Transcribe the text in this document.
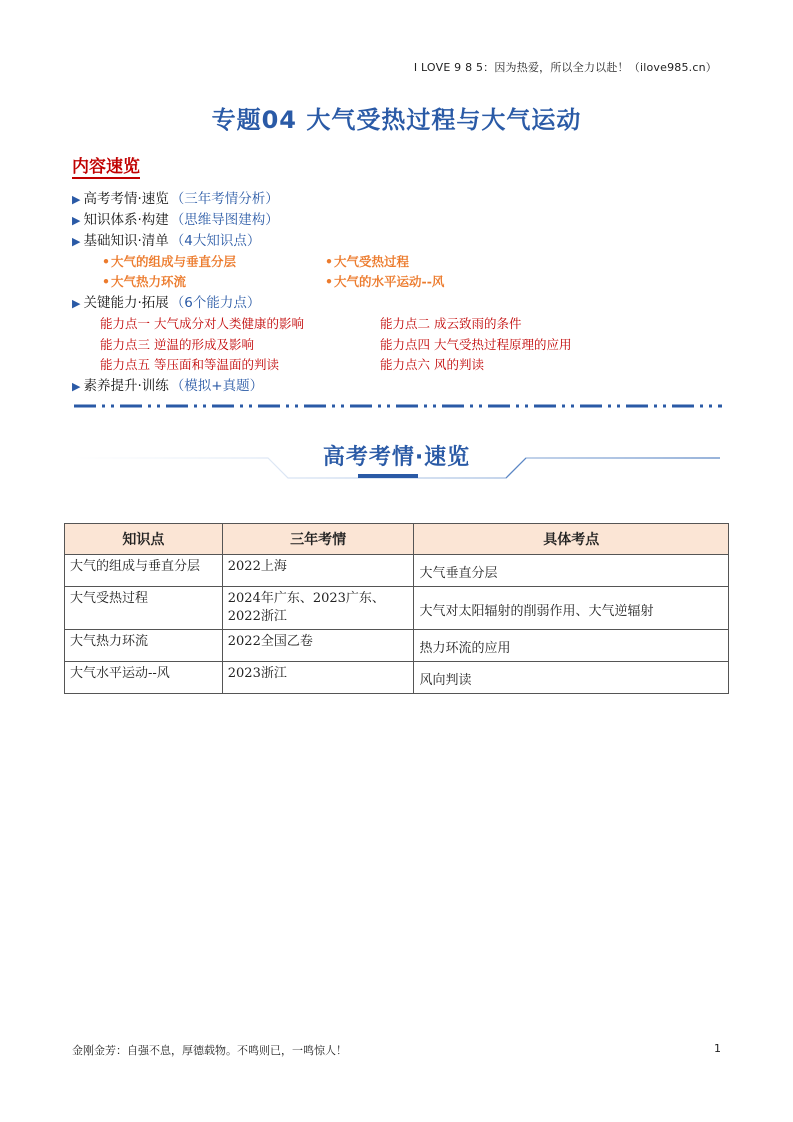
I LOVE 9 8 5：因为热爱，所以全力以赴！（ilove985.cn）
专题04 大气受热过程与大气运动
内容速览
▶ 高考考情·速览 （三年考情分析）
▶ 知识体系·构建 （思维导图建构）
▶ 基础知识·清单 （4大知识点）
•大气的组成与垂直分层	•大气受热过程
•大气热力环流	•大气的水平运动--风
▶ 关键能力·拓展 （6个能力点）
能力点一 大气成分对人类健康的影响	能力点二 成云致雨的条件
能力点三 逆温的形成及影响	能力点四 大气受热过程原理的应用
能力点五 等压面和等温面的判读	能力点六 风的判读
▶ 素养提升·训练 （模拟+真题）
高考考情·速览
知识点	三年考情	具体考点
大气的组成与垂直分层	2022上海	大气垂直分层
大气受热过程	2024年广东、2023广东、2022浙江	大气对太阳辐射的削弱作用、大气逆辐射
大气热力环流	2022全国乙卷	热力环流的应用
大气水平运动--风	2023浙江	风向判读
金刚金芳：自强不息，厚德载物。不鸣则已，一鸣惊人！	1
